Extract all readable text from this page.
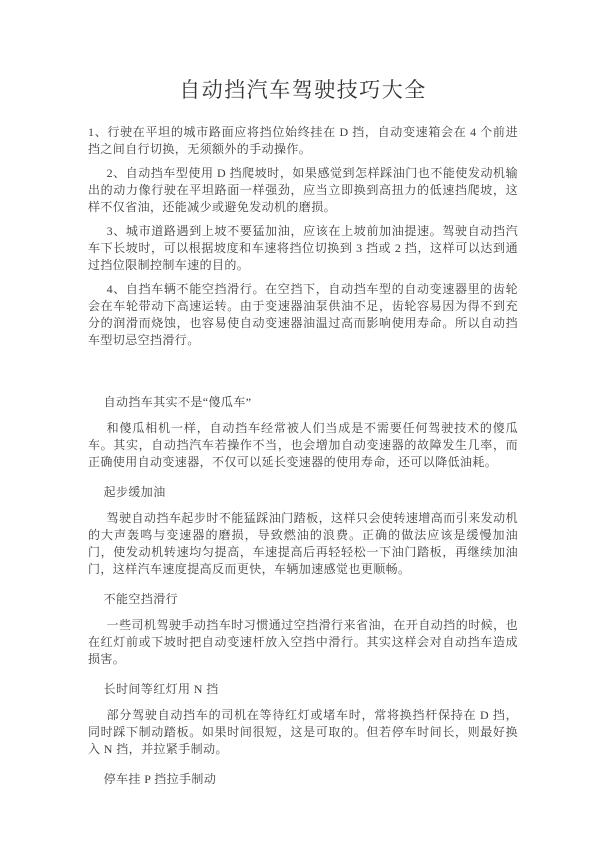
自动挡汽车驾驶技巧大全

1、行驶在平坦的城市路面应将挡位始终挂在 D 挡，自动变速箱会在 4 个前进挡之间自行切换，无须额外的手动操作。

2、自动挡车型使用 D 挡爬坡时，如果感觉到怎样踩油门也不能使发动机输出的动力像行驶在平坦路面一样强劲，应当立即换到高扭力的低速挡爬坡，这样不仅省油，还能减少或避免发动机的磨损。

3、城市道路遇到上坡不要猛加油，应该在上坡前加油提速。驾驶自动挡汽车下长坡时，可以根据坡度和车速将挡位切换到 3 挡或 2 挡，这样可以达到通过挡位限制控制车速的目的。

4、自挡车辆不能空挡滑行。在空挡下，自动挡车型的自动变速器里的齿轮会在车轮带动下高速运转。由于变速器油泵供油不足，齿轮容易因为得不到充分的润滑而烧蚀，也容易使自动变速器油温过高而影响使用寿命。所以自动挡车型切忌空挡滑行。

自动挡车其实不是“傻瓜车”

和傻瓜相机一样，自动挡车经常被人们当成是不需要任何驾驶技术的傻瓜车。其实，自动挡汽车若操作不当，也会增加自动变速器的故障发生几率，而正确使用自动变速器，不仅可以延长变速器的使用寿命，还可以降低油耗。

起步缓加油

驾驶自动挡车起步时不能猛踩油门踏板，这样只会使转速增高而引来发动机的大声轰鸣与变速器的磨损，导致燃油的浪费。正确的做法应该是缓慢加油门，使发动机转速均匀提高，车速提高后再轻轻松一下油门踏板，再继续加油门，这样汽车速度提高反而更快，车辆加速感觉也更顺畅。

不能空挡滑行

一些司机驾驶手动挡车时习惯通过空挡滑行来省油，在开自动挡的时候，也在红灯前或下坡时把自动变速杆放入空挡中滑行。其实这样会对自动挡车造成损害。

长时间等红灯用 N 挡

部分驾驶自动挡车的司机在等待红灯或堵车时，常将换挡杆保持在 D 挡，同时踩下制动踏板。如果时间很短，这是可取的。但若停车时间长，则最好换入 N 挡，并拉紧手制动。

停车挂 P 挡拉手制动
